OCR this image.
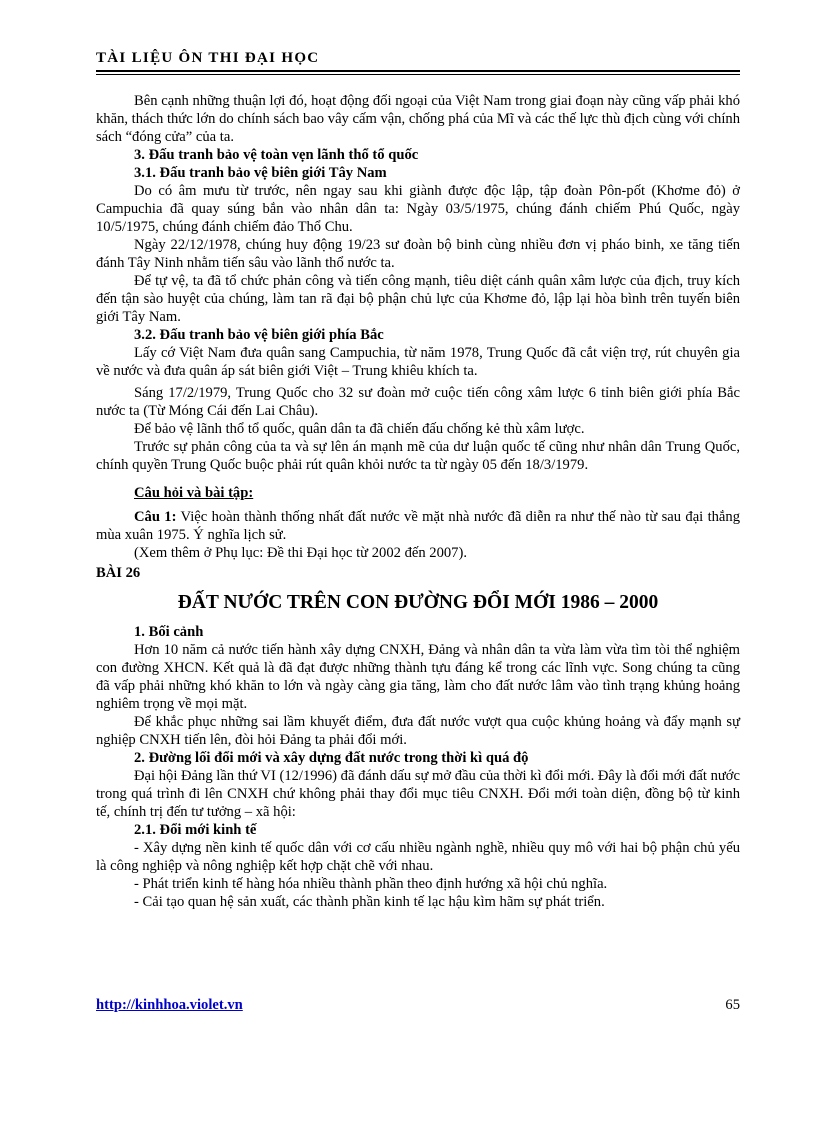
TÀI LIỆU ÔN THI ĐẠI HỌC

Bên cạnh những thuận lợi đó, hoạt động đối ngoại của Việt Nam trong giai đoạn này cũng vấp phải khó khăn, thách thức lớn do chính sách bao vây cấm vận, chống phá của Mĩ và các thế lực thù địch cùng với chính sách “đóng cửa” của ta.

3. Đấu tranh bảo vệ toàn vẹn lãnh thổ tổ quốc

3.1. Đấu tranh bảo vệ biên giới Tây Nam

Do có âm mưu từ trước, nên ngay sau khi giành được độc lập, tập đoàn Pôn-pốt (Khơme đỏ) ở Campuchia đã quay súng bắn vào nhân dân ta: Ngày 03/5/1975, chúng đánh chiếm Phú Quốc, ngày 10/5/1975, chúng đánh chiếm đảo Thổ Chu.

Ngày 22/12/1978, chúng huy động 19/23 sư đoàn bộ binh cùng nhiều đơn vị pháo binh, xe tăng tiến đánh Tây Ninh nhằm tiến sâu vào lãnh thổ nước ta.

Để tự vệ, ta đã tổ chức phản công và tiến công mạnh, tiêu diệt cánh quân xâm lược của địch, truy kích đến tận sào huyệt của chúng, làm tan rã đại bộ phận chủ lực của Khơme đỏ, lập lại hòa bình trên tuyến biên giới Tây Nam.

3.2. Đấu tranh bảo vệ biên giới phía Bắc

Lấy cớ Việt Nam đưa quân sang Campuchia, từ năm 1978, Trung Quốc đã cắt viện trợ, rút chuyên gia về nước và đưa quân áp sát biên giới Việt – Trung khiêu khích ta.

Sáng 17/2/1979, Trung Quốc cho 32 sư đoàn mở cuộc tiến công xâm lược 6 tỉnh biên giới phía Bắc nước ta (Từ Móng Cái đến Lai Châu).

Để bảo vệ lãnh thổ tổ quốc, quân dân ta đã chiến đấu chống kẻ thù xâm lược.

Trước sự phản công của ta và sự lên án mạnh mẽ của dư luận quốc tế cũng như nhân dân Trung Quốc, chính quyền Trung Quốc buộc phải rút quân khỏi nước ta từ ngày 05 đến 18/3/1979.

Câu hỏi và bài tập:

Câu 1: Việc hoàn thành thống nhất đất nước về mặt nhà nước đã diễn ra như thế nào từ sau đại thắng mùa xuân 1975. Ý nghĩa lịch sử.

(Xem thêm ở Phụ lục: Đề thi Đại học từ 2002 đến 2007).

BÀI 26

ĐẤT NƯỚC TRÊN CON ĐƯỜNG ĐỔI MỚI 1986 – 2000

1. Bối cảnh

Hơn 10 năm cả nước tiến hành xây dựng CNXH, Đảng và nhân dân ta vừa làm vừa tìm tòi thể nghiệm con đường XHCN. Kết quả là đã đạt được những thành tựu đáng kể trong các lĩnh vực. Song chúng ta cũng đã vấp phải những khó khăn to lớn và ngày càng gia tăng, làm cho đất nước lâm vào tình trạng khủng hoảng nghiêm trọng về mọi mặt.

Để khắc phục những sai lầm khuyết điểm, đưa đất nước vượt qua cuộc khủng hoảng và đẩy mạnh sự nghiệp CNXH tiến lên, đòi hỏi Đảng ta phải đổi mới.

2. Đường lối đổi mới và xây dựng đất nước trong thời kì quá độ

Đại hội Đảng lần thứ VI (12/1996) đã đánh dấu sự mở đầu của thời kì đổi mới. Đây là đổi mới đất nước trong quá trình đi lên CNXH chứ không phải thay đổi mục tiêu CNXH. Đổi mới toàn diện, đồng bộ từ kinh tế, chính trị đến tư tưởng – xã hội:

2.1. Đổi mới kinh tế

- Xây dựng nền kinh tế quốc dân với cơ cấu nhiều ngành nghề, nhiều quy mô với hai bộ phận chủ yếu là công nghiệp và nông nghiệp kết hợp chặt chẽ với nhau.

- Phát triển kinh tế hàng hóa nhiều thành phần theo định hướng xã hội chủ nghĩa.

- Cải tạo quan hệ sản xuất, các thành phần kinh tế lạc hậu kìm hãm sự phát triển.

http://kinhhoa.violet.vn	65
